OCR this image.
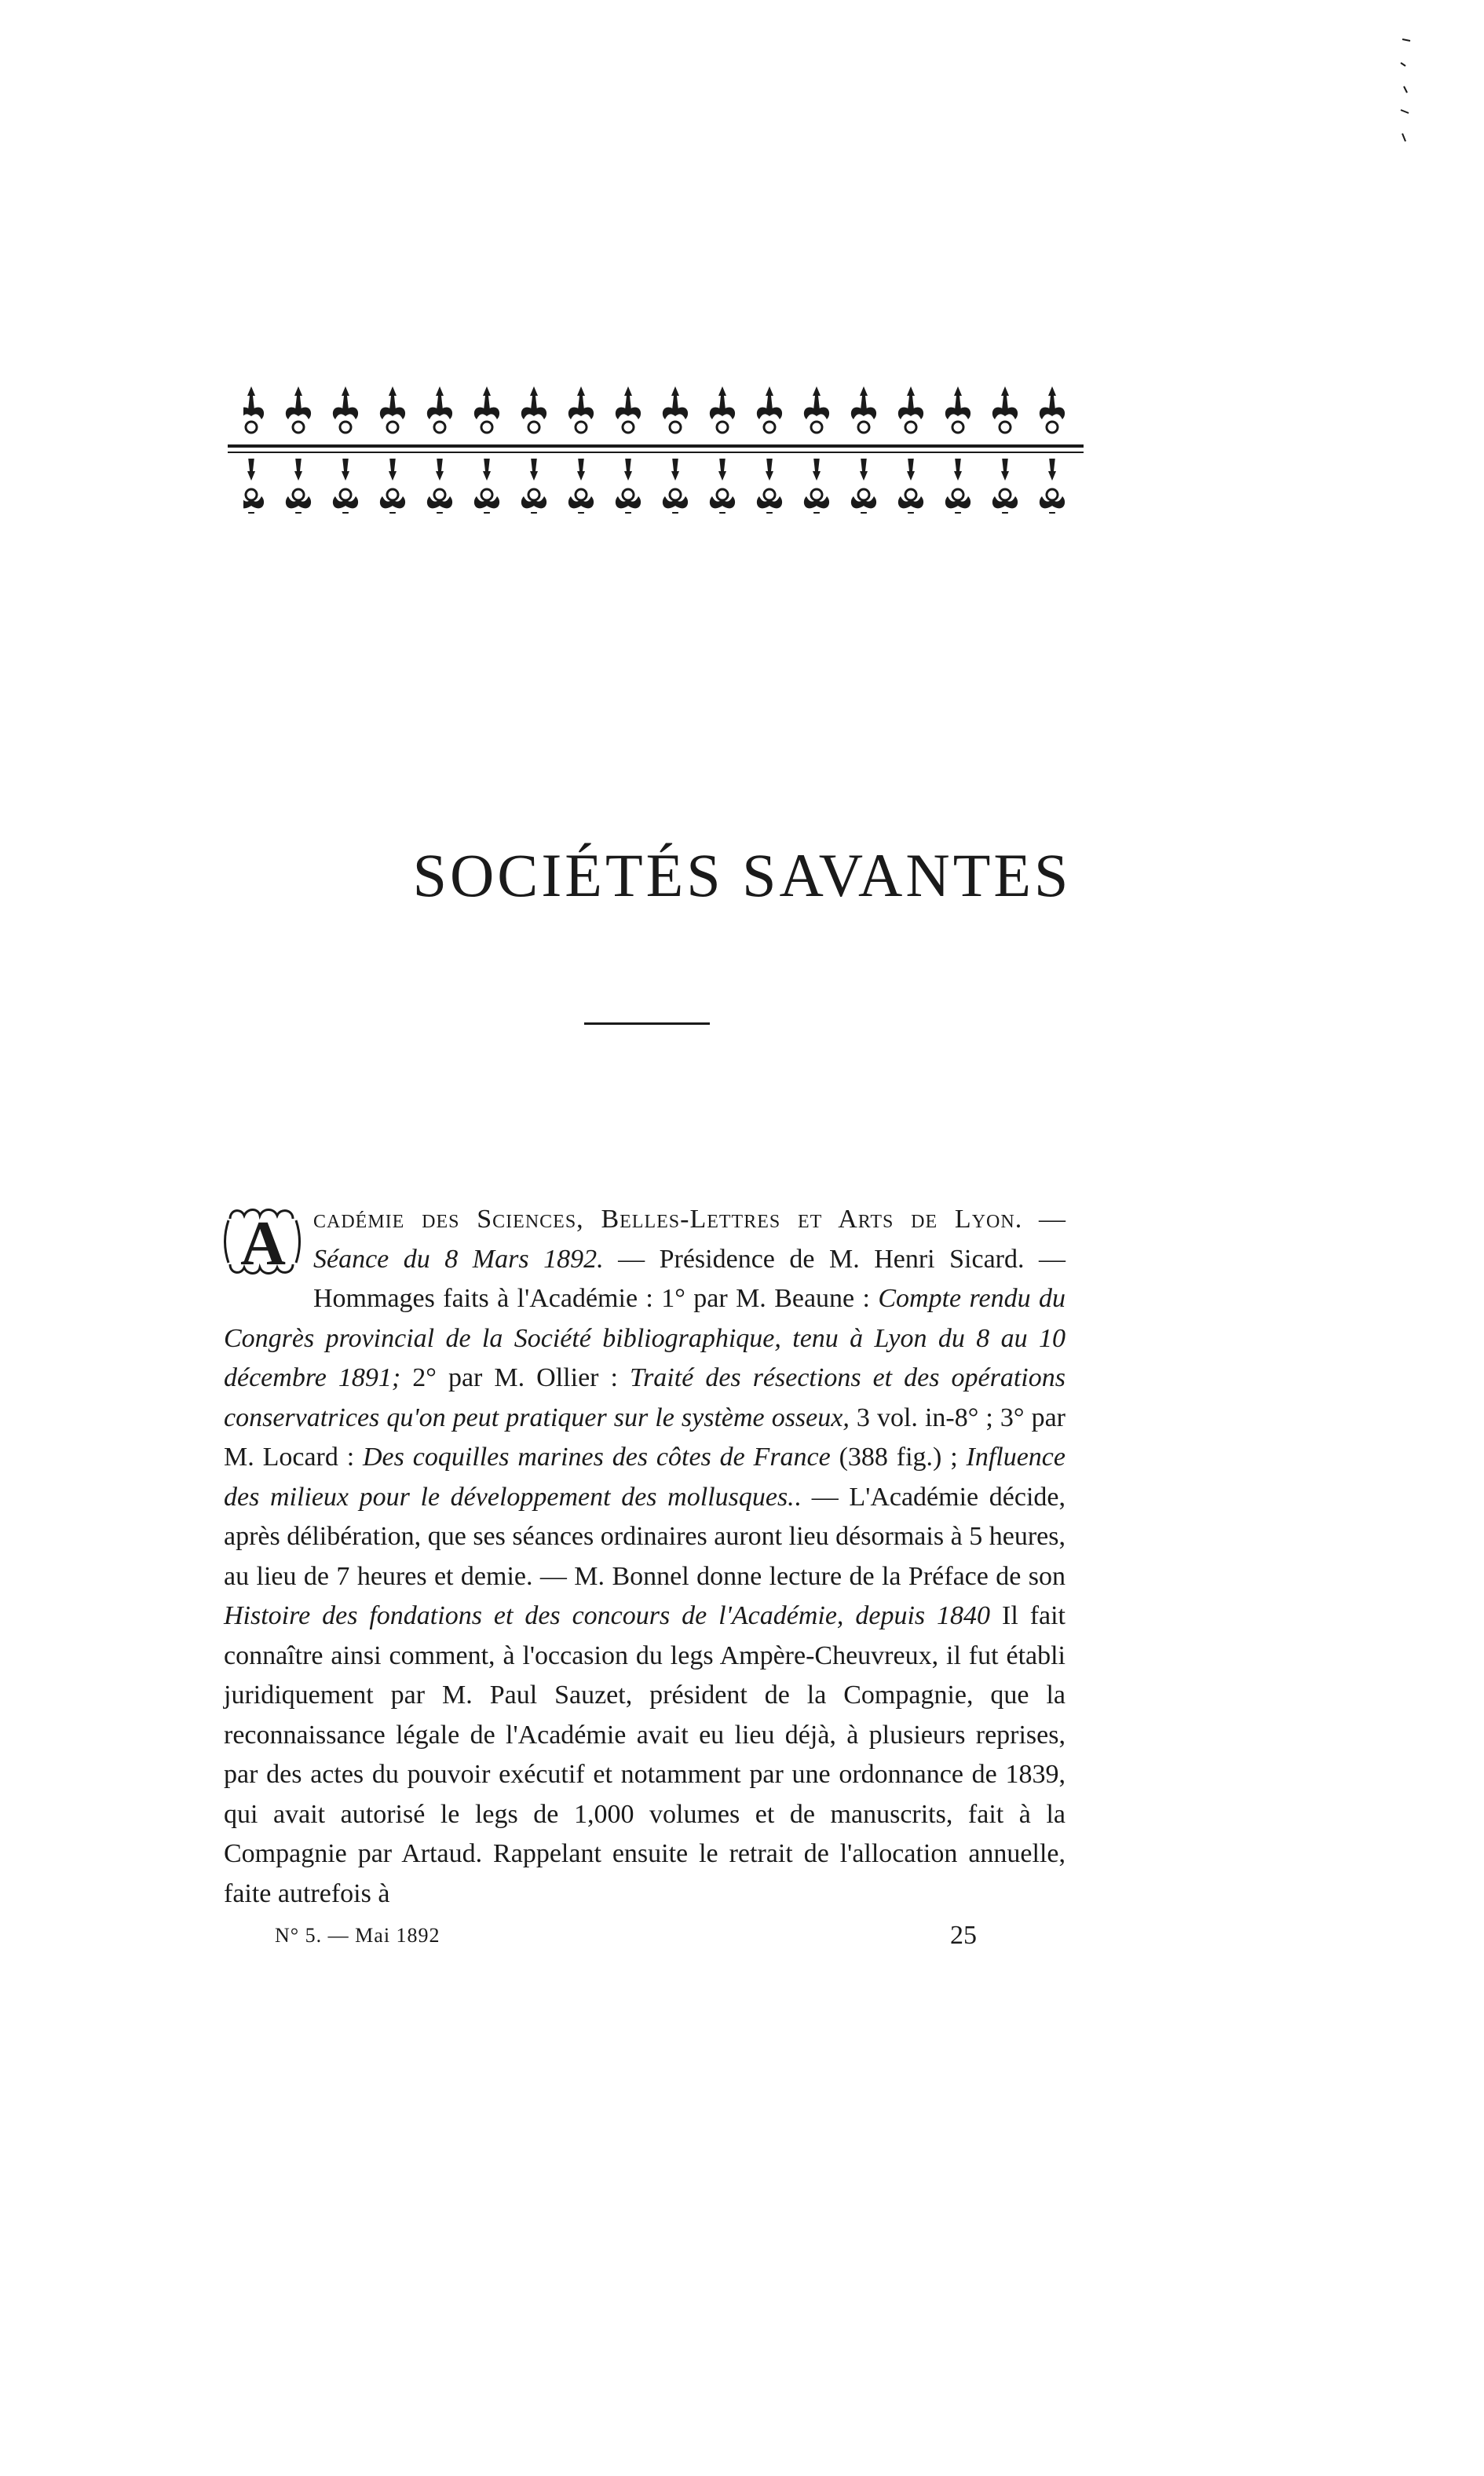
SOCIÉTÉS SAVANTES
A cadémie des Sciences, Belles-Lettres et Arts de Lyon. — Séance du 8 Mars 1892. — Présidence de M. Henri Sicard. — Hommages faits à l'Académie : 1° par M. Beaune : Compte rendu du Congrès provincial de la Société bibliographique, tenu à Lyon du 8 au 10 décembre 1891; 2° par M. Ollier : Traité des résections et des opérations conservatrices qu'on peut pratiquer sur le système osseux, 3 vol. in-8° ; 3° par M. Locard : Des coquilles marines des côtes de France (388 fig.) ; Influence des milieux pour le développement des mollusques.. — L'Académie décide, après délibération, que ses séances ordinaires auront lieu désormais à 5 heures, au lieu de 7 heures et demie. — M. Bonnel donne lecture de la Préface de son Histoire des fondations et des concours de l'Académie, depuis 1840 Il fait connaître ainsi comment, à l'occasion du legs Ampère-Cheuvreux, il fut établi juridiquement par M. Paul Sauzet, président de la Compagnie, que la reconnaissance légale de l'Académie avait eu lieu déjà, à plusieurs reprises, par des actes du pouvoir exécutif et notamment par une ordonnance de 1839, qui avait autorisé le legs de 1,000 volumes et de manuscrits, fait à la Compagnie par Artaud. Rappelant ensuite le retrait de l'allocation annuelle, faite autrefois à
N° 5. — Mai 1892	25
